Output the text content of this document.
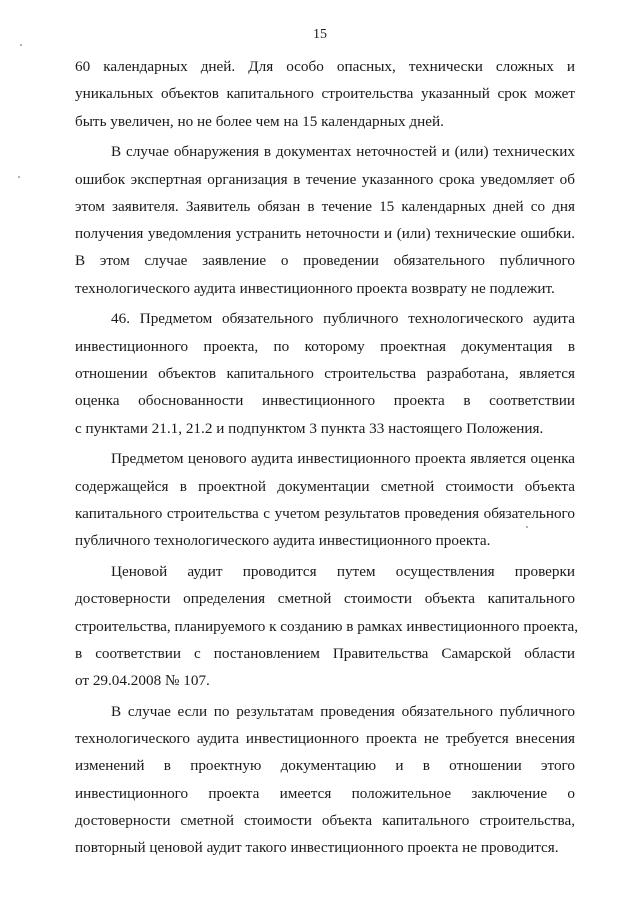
15

60 календарных дней. Для особо опасных, технически сложных и
уникальных объектов капитального строительства указанный срок может
быть увеличен, но не более чем на 15 календарных дней.

В случае обнаружения в документах неточностей и (или) технических
ошибок экспертная организация в течение указанного срока уведомляет об
этом заявителя. Заявитель обязан в течение 15 календарных дней со дня
получения уведомления устранить неточности и (или) технические ошибки.
В этом случае заявление о проведении обязательного публичного
технологического аудита инвестиционного проекта возврату не подлежит.

46. Предметом обязательного публичного технологического аудита
инвестиционного проекта, по которому проектная документация в
отношении объектов капитального строительства разработана, является
оценка обоснованности инвестиционного проекта в соответствии
с пунктами 21.1, 21.2 и подпунктом 3 пункта 33 настоящего Положения.

Предметом ценового аудита инвестиционного проекта является оценка
содержащейся в проектной документации сметной стоимости объекта
капитального строительства с учетом результатов проведения обязательного
публичного технологического аудита инвестиционного проекта.

Ценовой аудит проводится путем осуществления проверки
достоверности определения сметной стоимости объекта капитального
строительства, планируемого к созданию в рамках инвестиционного проекта,
в соответствии с постановлением Правительства Самарской области
от 29.04.2008 № 107.

В случае если по результатам проведения обязательного публичного
технологического аудита инвестиционного проекта не требуется внесения
изменений в проектную документацию и в отношении этого
инвестиционного проекта имеется положительное заключение о
достоверности сметной стоимости объекта капитального строительства,
повторный ценовой аудит такого инвестиционного проекта не проводится.
